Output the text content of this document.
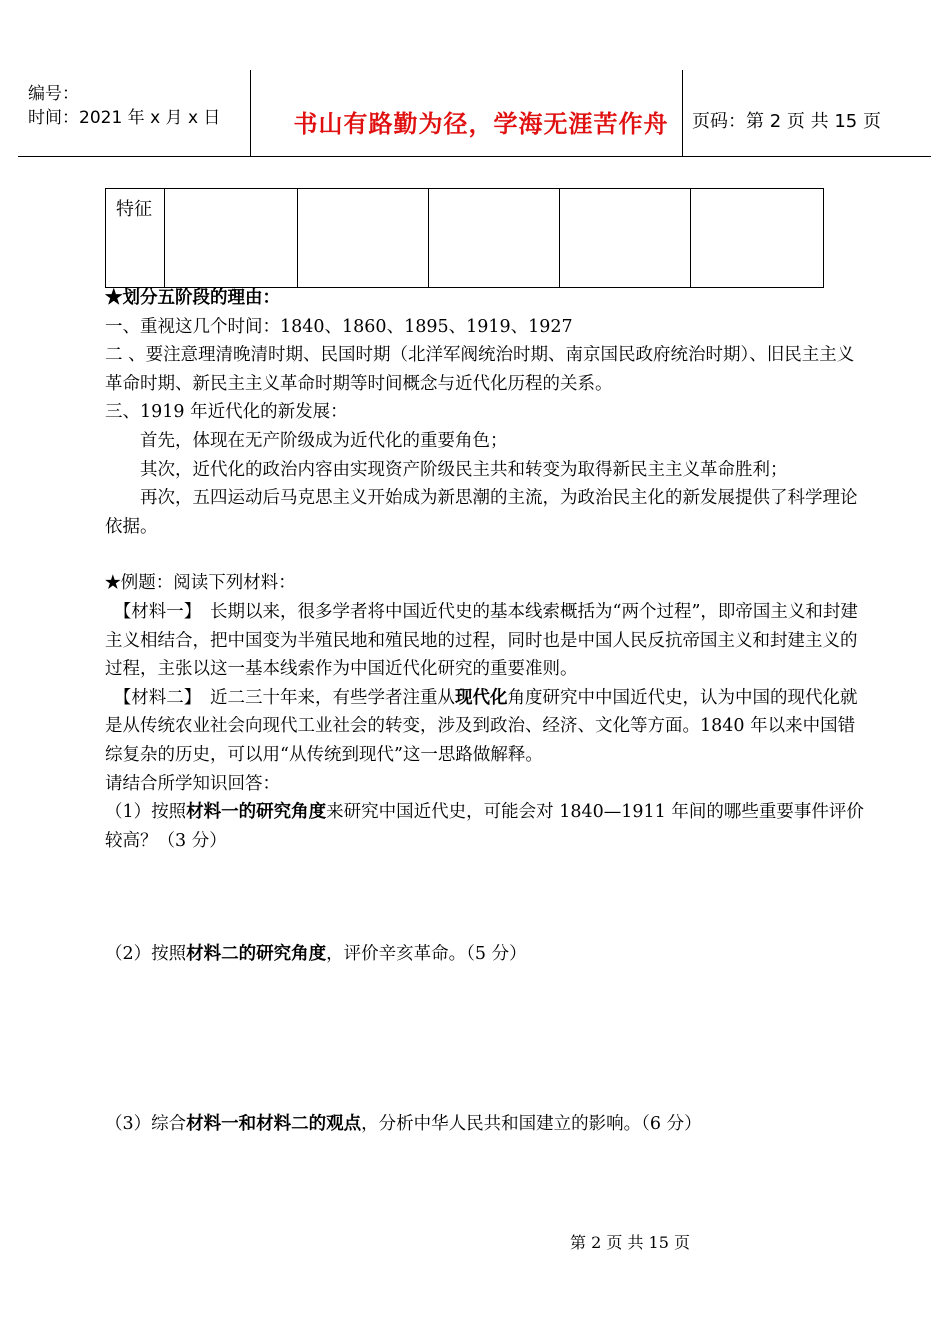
编号：
时间：2021 年 x 月 x 日	书山有路勤为径，学海无涯苦作舟	页码：第 2 页 共 15 页
特征					

★划分五阶段的理由：

一、重视这几个时间：1840、1860、1895、1919、1927

二 、要注意理清晚清时期、民国时期（北洋军阀统治时期、南京国民政府统治时期）、旧民主主义革命时期、新民主主义革命时期等时间概念与近代化历程的关系。

三、1919 年近代化的新发展：

首先，体现在无产阶级成为近代化的重要角色；

其次，近代化的政治内容由实现资产阶级民主共和转变为取得新民主主义革命胜利；

再次，五四运动后马克思主义开始成为新思潮的主流，为政治民主化的新发展提供了科学理论依据。

★例题：阅读下列材料：

　【材料一】　 长期以来，很多学者将中国近代史的基本线索概括为“两个过程”，即帝国主义和封建主义相结合，把中国变为半殖民地和殖民地的过程，同时也是中国人民反抗帝国主义和封建主义的过程，主张以这一基本线索作为中国近代化研究的重要准则。

　【材料二】　 近二三十年来，有些学者注重从现代化角度研究中中国近代史，认为中国的现代化就是从传统农业社会向现代工业社会的转变，涉及到政治、经济、文化等方面。1840 年以来中国错综复杂的历史，可以用“从传统到现代”这一思路做解释。

请结合所学知识回答：

（1）按照材料一的研究角度来研究中国近代史，可能会对 1840—1911 年间的哪些重要事件评价较高？（3 分）

（2）按照材料二的研究角度，评价辛亥革命。（5 分）
（3）综合材料一和材料二的观点，分析中华人民共和国建立的影响。（6 分）
第 2 页 共 15 页
